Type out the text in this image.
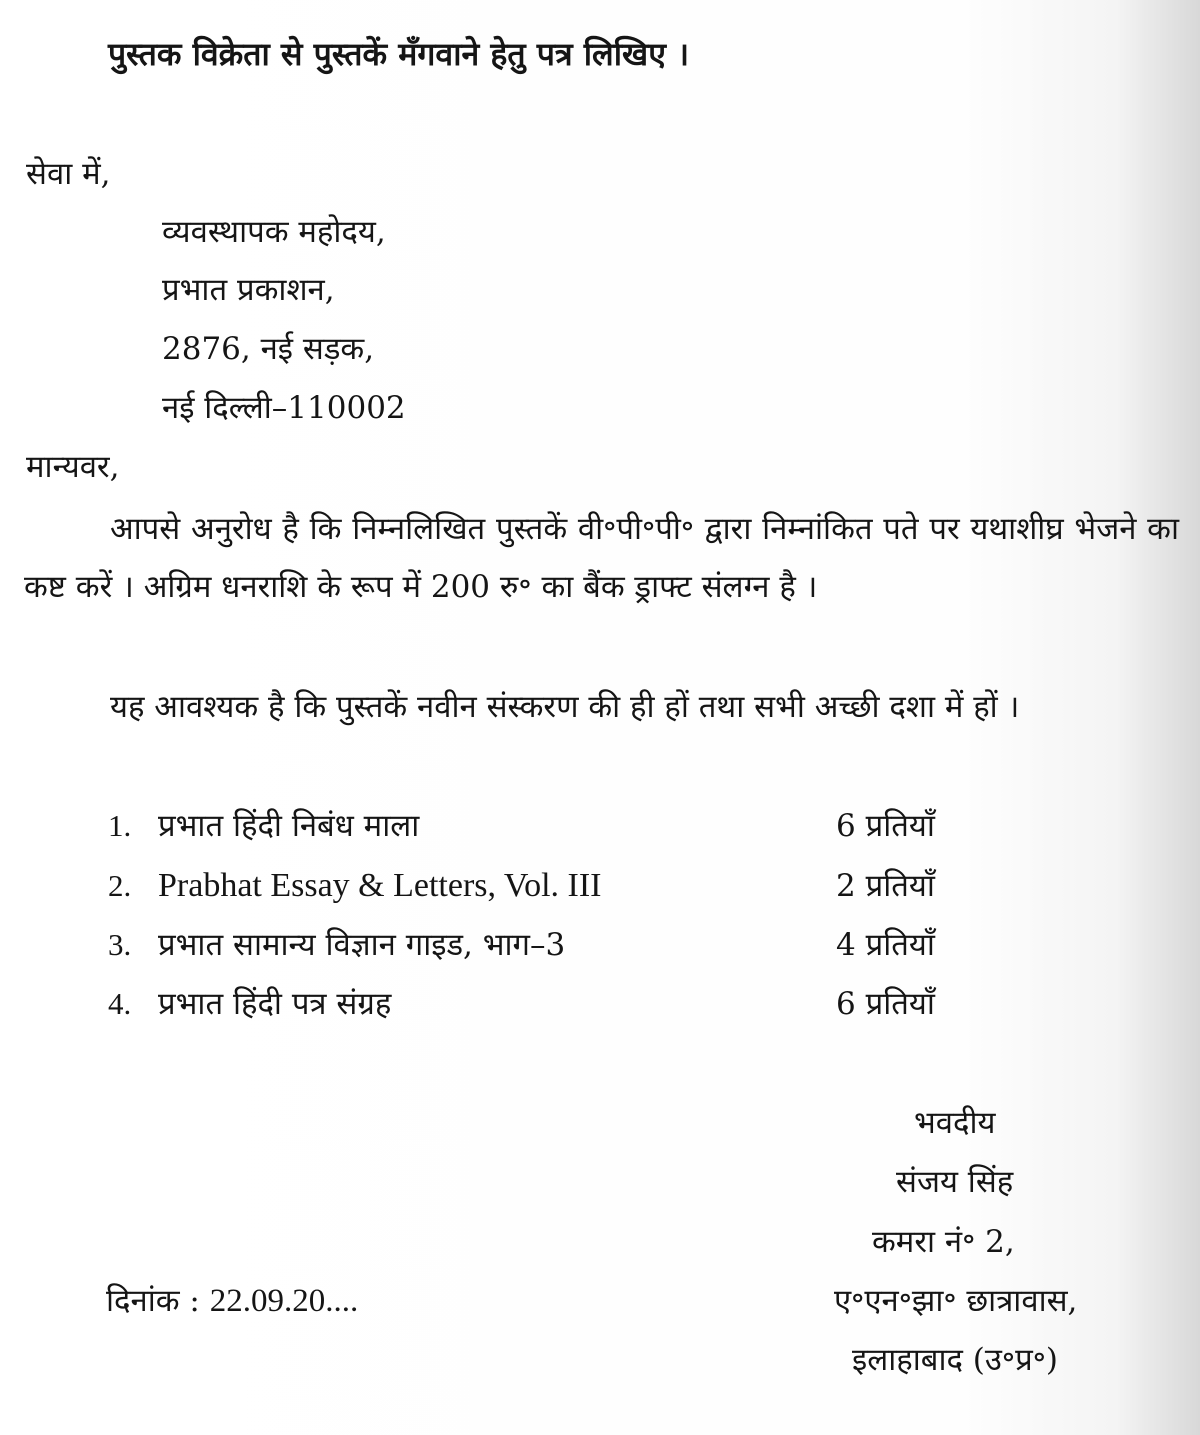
पुस्तक विक्रेता से पुस्तकें मँगवाने हेतु पत्र लिखिए ।
सेवा में,
व्यवस्थापक महोदय,
प्रभात प्रकाशन,
2876, नई सड़क,
नई दिल्ली–110002
मान्यवर,
आपसे अनुरोध है कि निम्नलिखित पुस्तकें वी॰पी॰पी॰ द्वारा निम्नांकित पते पर यथाशीघ्र भेजने का कष्ट करें । अग्रिम धनराशि के रूप में 200 रु॰ का बैंक ड्राफ्ट संलग्न है ।
यह आवश्यक है कि पुस्तकें नवीन संस्करण की ही हों तथा सभी अच्छी दशा में हों ।
1. प्रभात हिंदी निबंध माला	6 प्रतियाँ
2. Prabhat Essay & Letters, Vol. III	2 प्रतियाँ
3. प्रभात सामान्य विज्ञान गाइड, भाग–3	4 प्रतियाँ
4. प्रभात हिंदी पत्र संग्रह	6 प्रतियाँ
भवदीय
संजय सिंह
कमरा नं॰ 2,
ए॰एन॰झा॰ छात्रावास,
इलाहाबाद (उ॰प्र॰)
दिनांक : 22.09.20....
